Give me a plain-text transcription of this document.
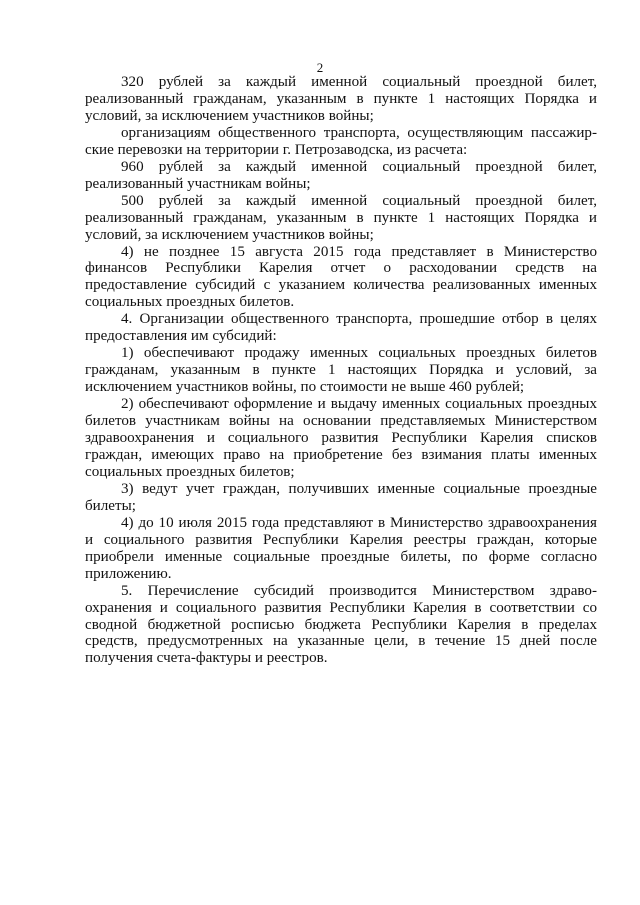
2

320 рублей за каждый именной социальный проездной билет, реализованный гражданам, указанным в пункте 1 настоящих Порядка и условий, за исключением участников войны;

организациям общественного транспорта, осуществляющим пассажирские перевозки на территории г. Петрозаводска, из расчета:

960 рублей за каждый именной социальный проездной билет, реализованный участникам войны;

500 рублей за каждый именной социальный проездной билет, реализованный гражданам, указанным в пункте 1 настоящих Порядка и условий, за исключением участников войны;

4) не позднее 15 августа 2015 года представляет в Министерство финансов Республики Карелия отчет о расходовании средств на предоставление субсидий с указанием количества реализованных именных социальных проездных билетов.

4. Организации общественного транспорта, прошедшие отбор в целях предоставления им субсидий:

1) обеспечивают продажу именных социальных проездных билетов гражданам, указанным в пункте 1 настоящих Порядка и условий, за исключением участников войны, по стоимости не выше 460 рублей;

2) обеспечивают оформление и выдачу именных социальных проездных билетов участникам войны на основании представляемых Министерством здравоохранения и социального развития Республики Карелия списков граждан, имеющих право на приобретение без взимания платы именных социальных проездных билетов;

3) ведут учет граждан, получивших именные социальные проездные билеты;

4) до 10 июля 2015 года представляют в Министерство здравоохранения и социального развития Республики Карелия реестры граждан, которые приобрели именные социальные проездные билеты, по форме согласно приложению.

5. Перечисление субсидий производится Министерством здравоохранения и социального развития Республики Карелия в соответствии со сводной бюджетной росписью бюджета Республики Карелия в пределах средств, предусмотренных на указанные цели, в течение 15 дней после получения счета-фактуры и реестров.
